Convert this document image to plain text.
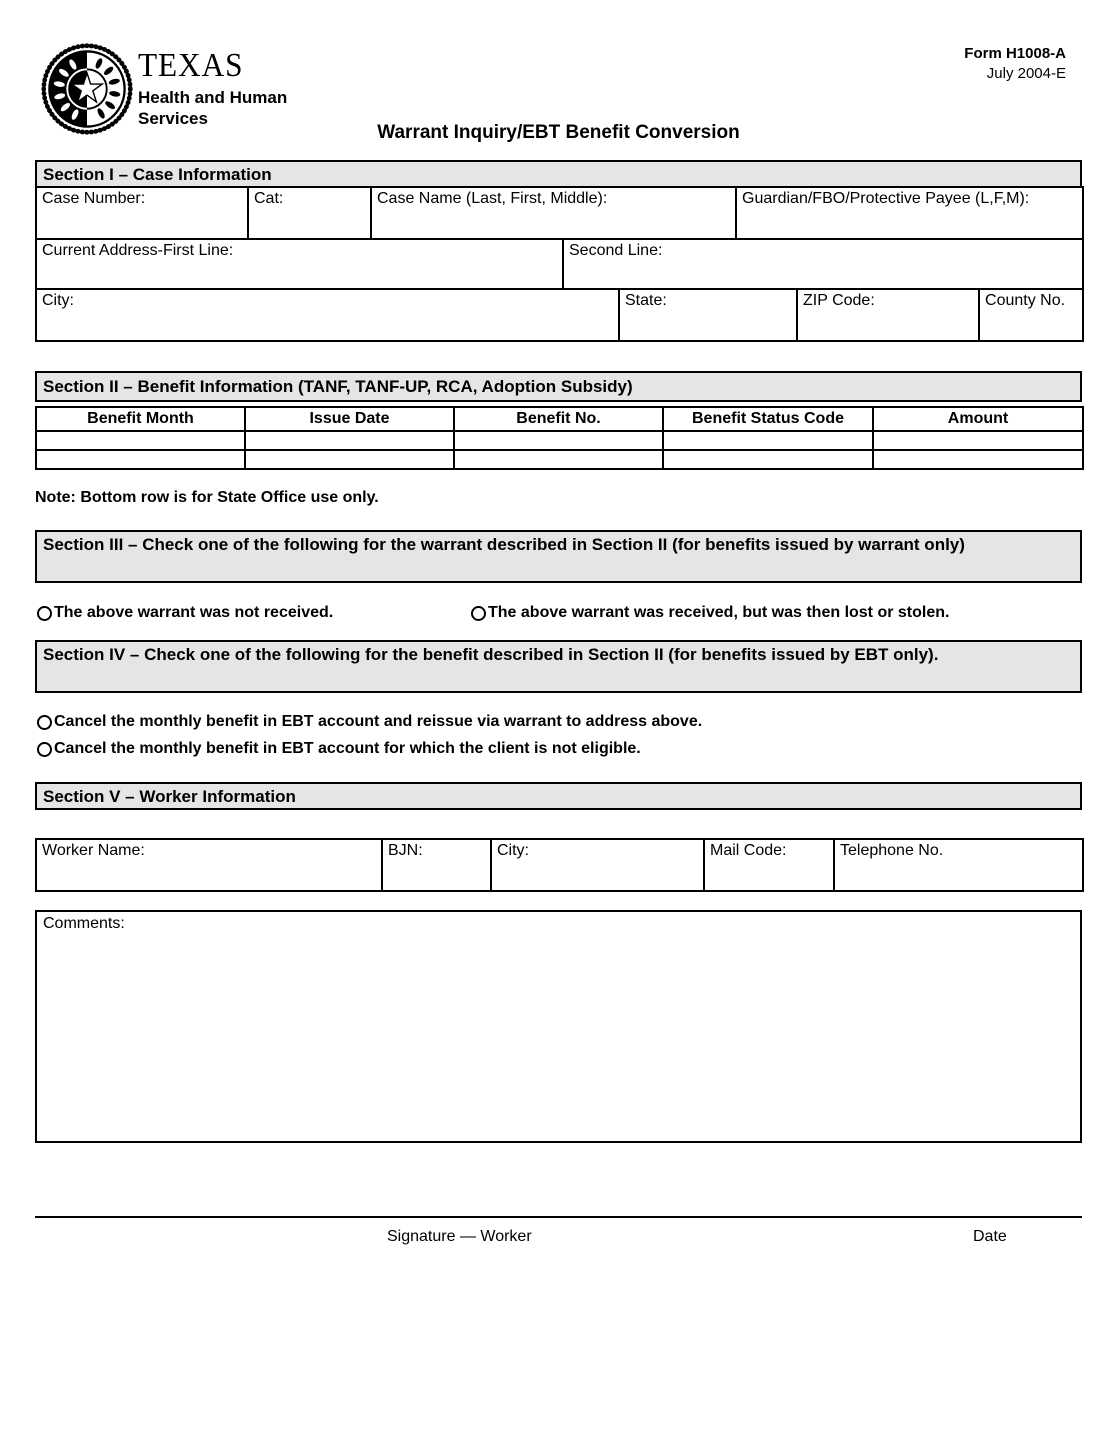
TEXAS
Health and Human
Services
Form H1008-A
July 2004-E
Warrant Inquiry/EBT Benefit Conversion
Section I – Case Information
Case Number:	Cat:	Case Name (Last, First, Middle):			Guardian/FBO/Protective Payee (L,F,M):		
Current Address-First Line:			Second Line:				
City:				State:		ZIP Code:	County No.
Section II – Benefit Information (TANF, TANF-UP, RCA, Adoption Subsidy)
Benefit Month	Issue Date	Benefit No.	Benefit Status Code	Amount

Note: Bottom row is for State Office use only.
Section III – Check one of the following for the warrant described in Section II (for benefits issued by warrant only)
The above warrant was not received.	The above warrant was received, but was then lost or stolen.
Section IV – Check one of the following for the benefit described in Section II (for benefits issued by EBT only).
Cancel the monthly benefit in EBT account and reissue via warrant to address above.
Cancel the monthly benefit in EBT account for which the client is not eligible.
Section V – Worker Information
Worker Name:	BJN:	City:	Mail Code:	Telephone No.
Comments:
Signature — Worker	Date
